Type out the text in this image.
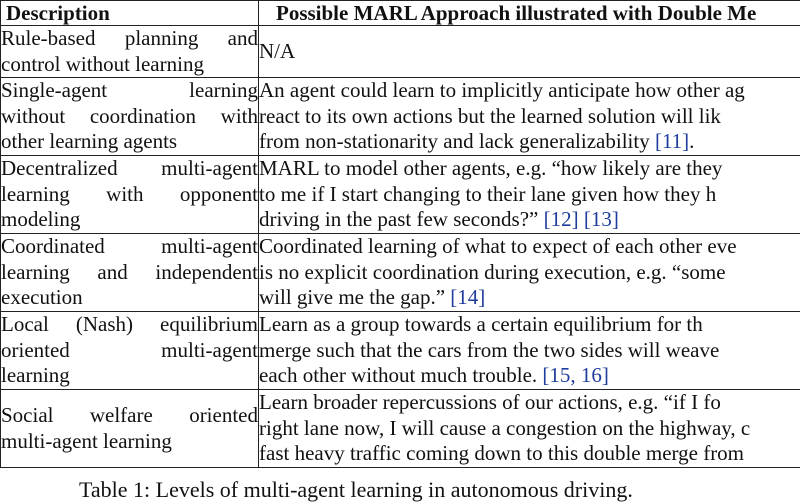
Description	Possible MARL Approach illustrated with Double Me

Rule-based planning and
control without learning	N/A

Single-agent learning
without coordination with
other learning agents	An agent could learn to implicitly anticipate how other ag
react to its own actions but the learned solution will lik
from non-stationarity and lack generalizability [11].

Decentralized multi-agent
learning with opponent
modeling	MARL to model other agents, e.g. “how likely are they
to me if I start changing to their lane given how they h
driving in the past few seconds?” [12] [13]

Coordinated multi-agent
learning and independent
execution	Coordinated learning of what to expect of each other eve
is no explicit coordination during execution, e.g. “some
will give me the gap.” [14]

Local (Nash) equilibrium
oriented multi-agent
learning	Learn as a group towards a certain equilibrium for th
merge such that the cars from the two sides will weave
each other without much trouble. [15, 16]

Social welfare oriented
multi-agent learning	Learn broader repercussions of our actions, e.g. “if I fo
right lane now, I will cause a congestion on the highway, c
fast heavy traffic coming down to this double merge from
Table 1: Levels of multi-agent learning in autonomous driving.
